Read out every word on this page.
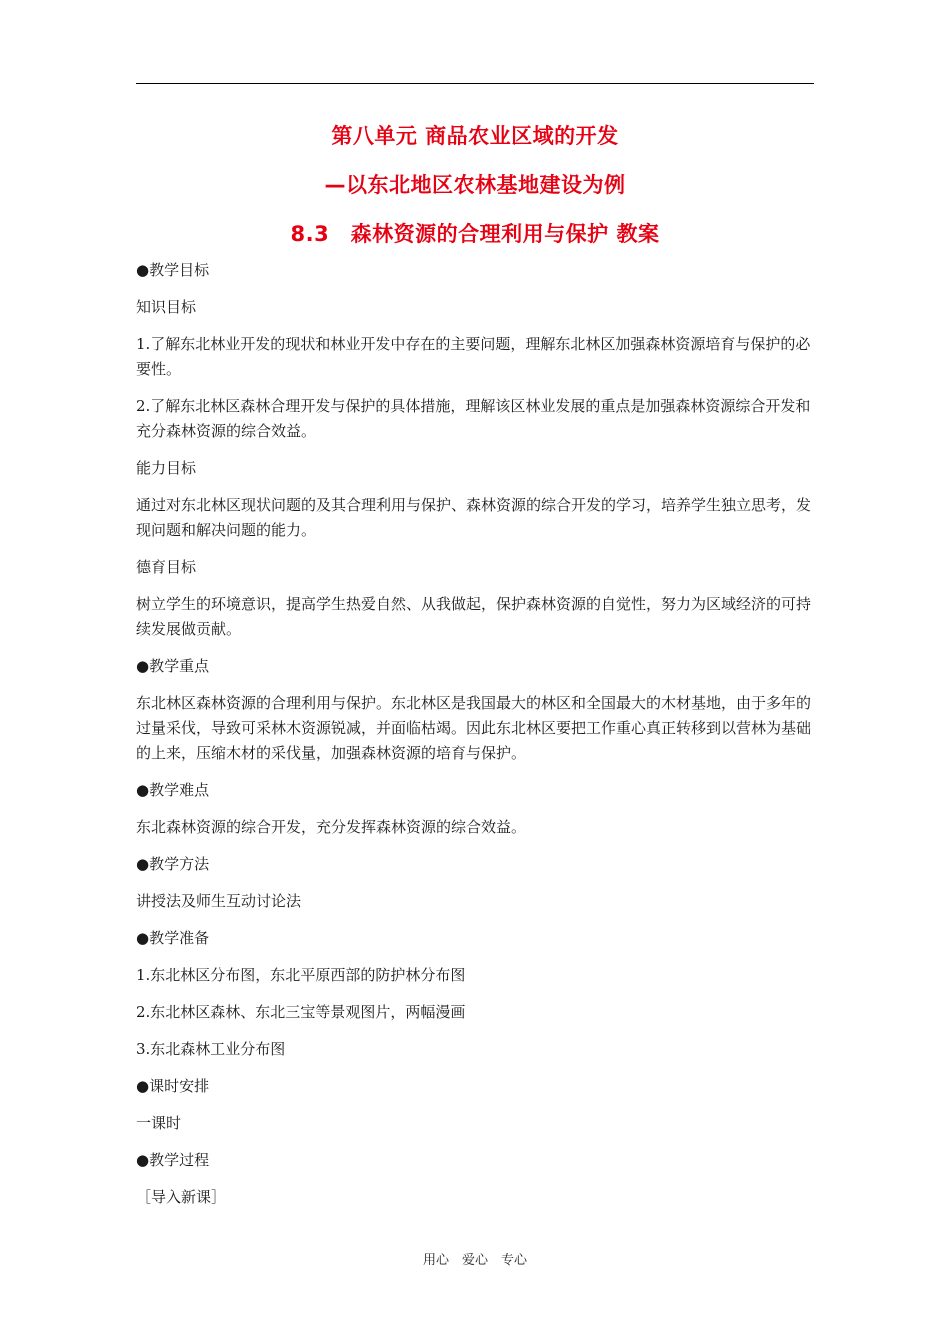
第八单元 商品农业区域的开发
—以东北地区农林基地建设为例
8.3　森林资源的合理利用与保护 教案

●教学目标

知识目标

1.了解东北林业开发的现状和林业开发中存在的主要问题，理解东北林区加强森林资源培育与保护的必要性。

2.了解东北林区森林合理开发与保护的具体措施，理解该区林业发展的重点是加强森林资源综合开发和充分森林资源的综合效益。

能力目标

通过对东北林区现状问题的及其合理利用与保护、森林资源的综合开发的学习，培养学生独立思考，发现问题和解决问题的能力。

德育目标

树立学生的环境意识，提高学生热爱自然、从我做起，保护森林资源的自觉性，努力为区域经济的可持续发展做贡献。

●教学重点

东北林区森林资源的合理利用与保护。东北林区是我国最大的林区和全国最大的木材基地，由于多年的过量采伐，导致可采林木资源锐减，并面临枯竭。因此东北林区要把工作重心真正转移到以营林为基础的上来，压缩木材的采伐量，加强森林资源的培育与保护。

●教学难点

东北森林资源的综合开发，充分发挥森林资源的综合效益。

●教学方法

讲授法及师生互动讨论法

●教学准备

1.东北林区分布图，东北平原西部的防护林分布图

2.东北林区森林、东北三宝等景观图片，两幅漫画

3.东北森林工业分布图

●课时安排

一课时

●教学过程

［导入新课］

用心　爱心　专心
